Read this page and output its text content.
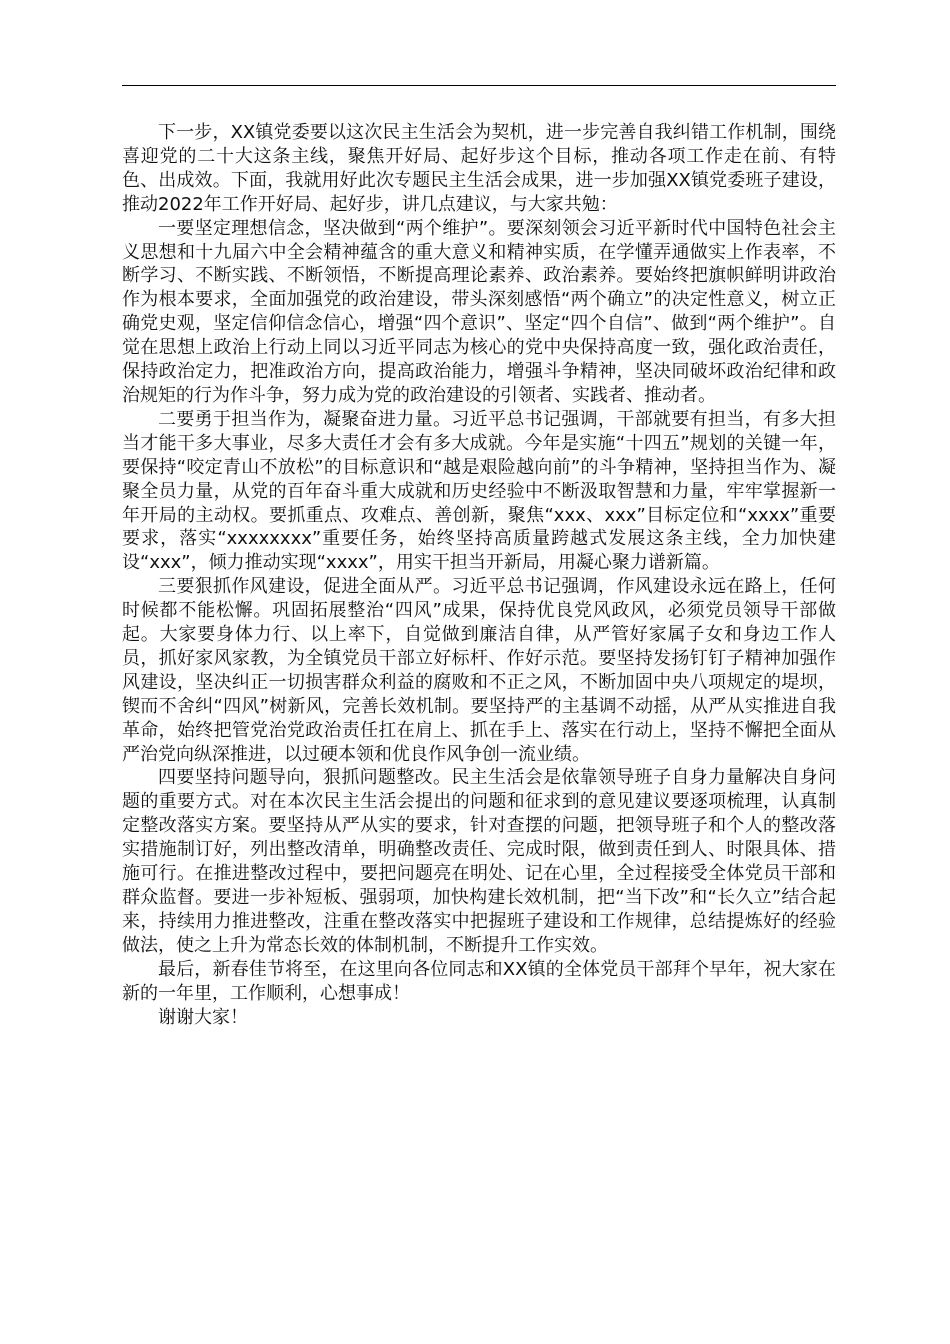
下一步，XX镇党委要以这次民主生活会为契机，进一步完善自我纠错工作机制，围绕喜迎党的二十大这条主线，聚焦开好局、起好步这个目标，推动各项工作走在前、有特色、出成效。下面，我就用好此次专题民主生活会成果，进一步加强XX镇党委班子建设，推动2022年工作开好局、起好步，讲几点建议，与大家共勉：

一要坚定理想信念，坚决做到“两个维护”。要深刻领会习近平新时代中国特色社会主义思想和十九届六中全会精神蕴含的重大意义和精神实质，在学懂弄通做实上作表率，不断学习、不断实践、不断领悟，不断提高理论素养、政治素养。要始终把旗帜鲜明讲政治作为根本要求，全面加强党的政治建设，带头深刻感悟“两个确立”的决定性意义，树立正确党史观，坚定信仰信念信心，增强“四个意识”、坚定“四个自信”、做到“两个维护”。自觉在思想上政治上行动上同以习近平同志为核心的党中央保持高度一致，强化政治责任，保持政治定力，把准政治方向，提高政治能力，增强斗争精神，坚决同破坏政治纪律和政治规矩的行为作斗争，努力成为党的政治建设的引领者、实践者、推动者。

二要勇于担当作为，凝聚奋进力量。习近平总书记强调，干部就要有担当，有多大担当才能干多大事业，尽多大责任才会有多大成就。今年是实施“十四五”规划的关键一年，要保持“咬定青山不放松”的目标意识和“越是艰险越向前”的斗争精神，坚持担当作为、凝聚全员力量，从党的百年奋斗重大成就和历史经验中不断汲取智慧和力量，牢牢掌握新一年开局的主动权。要抓重点、攻难点、善创新，聚焦“xxx、xxx”目标定位和“xxxx”重要要求，落实“xxxxxxxx”重要任务，始终坚持高质量跨越式发展这条主线，全力加快建设“xxx”，倾力推动实现“xxxx”，用实干担当开新局，用凝心聚力谱新篇。

三要狠抓作风建设，促进全面从严。习近平总书记强调，作风建设永远在路上，任何时候都不能松懈。巩固拓展整治“四风”成果，保持优良党风政风，必须党员领导干部做起。大家要身体力行、以上率下，自觉做到廉洁自律，从严管好家属子女和身边工作人员，抓好家风家教，为全镇党员干部立好标杆、作好示范。要坚持发扬钉钉子精神加强作风建设，坚决纠正一切损害群众利益的腐败和不正之风，不断加固中央八项规定的堤坝，锲而不舍纠“四风”树新风，完善长效机制。要坚持严的主基调不动摇，从严从实推进自我革命，始终把管党治党政治责任扛在肩上、抓在手上、落实在行动上，坚持不懈把全面从严治党向纵深推进，以过硬本领和优良作风争创一流业绩。

四要坚持问题导向，狠抓问题整改。民主生活会是依靠领导班子自身力量解决自身问题的重要方式。对在本次民主生活会提出的问题和征求到的意见建议要逐项梳理，认真制定整改落实方案。要坚持从严从实的要求，针对查摆的问题，把领导班子和个人的整改落实措施制订好，列出整改清单，明确整改责任、完成时限，做到责任到人、时限具体、措施可行。在推进整改过程中，要把问题亮在明处、记在心里，全过程接受全体党员干部和群众监督。要进一步补短板、强弱项，加快构建长效机制，把“当下改”和“长久立”结合起来，持续用力推进整改，注重在整改落实中把握班子建设和工作规律，总结提炼好的经验做法，使之上升为常态长效的体制机制，不断提升工作实效。

最后，新春佳节将至，在这里向各位同志和XX镇的全体党员干部拜个早年，祝大家在新的一年里，工作顺利，心想事成！

谢谢大家！
